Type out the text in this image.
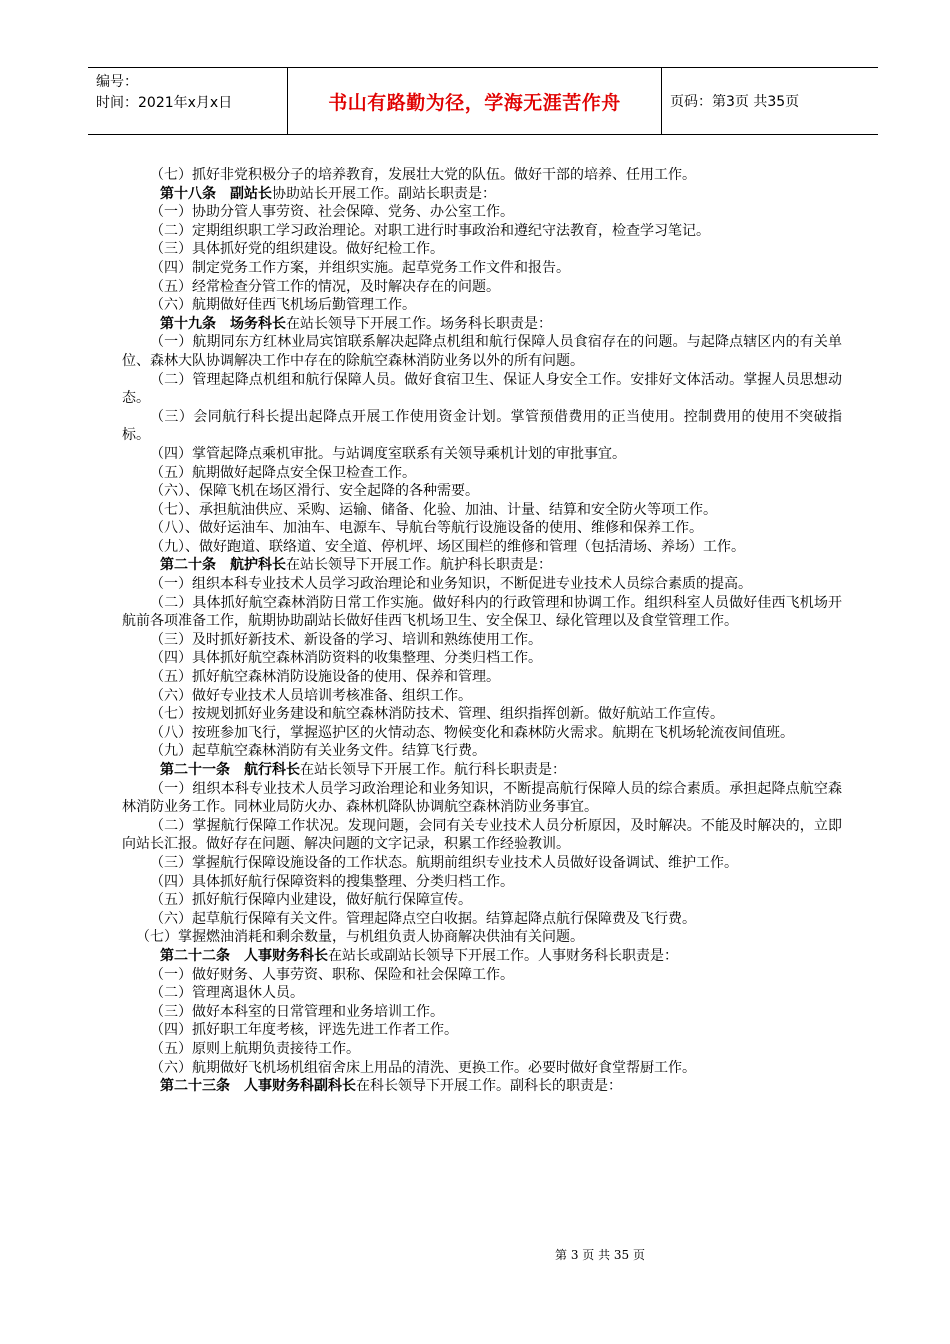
编号：
时间：2021年x月x日	书山有路勤为径，学海无涯苦作舟	页码：第3页 共35页
（七）抓好非党积极分子的培养教育，发展壮大党的队伍。做好干部的培养、任用工作。
第十八条　副站长协助站长开展工作。副站长职责是：
（一）协助分管人事劳资、社会保障、党务、办公室工作。
（二）定期组织职工学习政治理论。对职工进行时事政治和遵纪守法教育，检查学习笔记。
（三）具体抓好党的组织建设。做好纪检工作。
（四）制定党务工作方案，并组织实施。起草党务工作文件和报告。
（五）经常检查分管工作的情况，及时解决存在的问题。
（六）航期做好佳西飞机场后勤管理工作。
第十九条　场务科长在站长领导下开展工作。场务科长职责是：
（一）航期同东方红林业局宾馆联系解决起降点机组和航行保障人员食宿存在的问题。与起降点辖区内的有关单位、森林大队协调解决工作中存在的除航空森林消防业务以外的所有问题。
（二）管理起降点机组和航行保障人员。做好食宿卫生、保证人身安全工作。安排好文体活动。掌握人员思想动态。
（三）会同航行科长提出起降点开展工作使用资金计划。掌管预借费用的正当使用。控制费用的使用不突破指标。
（四）掌管起降点乘机审批。与站调度室联系有关领导乘机计划的审批事宜。
（五）航期做好起降点安全保卫检查工作。
（六）、保障飞机在场区滑行、安全起降的各种需要。
（七）、承担航油供应、采购、运输、储备、化验、加油、计量、结算和安全防火等项工作。
（八）、做好运油车、加油车、电源车、导航台等航行设施设备的使用、维修和保养工作。
（九）、做好跑道、联络道、安全道、停机坪、场区围栏的维修和管理（包括清场、养场）工作。
第二十条　航护科长在站长领导下开展工作。航护科长职责是：
（一）组织本科专业技术人员学习政治理论和业务知识，不断促进专业技术人员综合素质的提高。
（二）具体抓好航空森林消防日常工作实施。做好科内的行政管理和协调工作。组织科室人员做好佳西飞机场开航前各项准备工作，航期协助副站长做好佳西飞机场卫生、安全保卫、绿化管理以及食堂管理工作。
（三）及时抓好新技术、新设备的学习、培训和熟练使用工作。
（四）具体抓好航空森林消防资料的收集整理、分类归档工作。
（五）抓好航空森林消防设施设备的使用、保养和管理。
（六）做好专业技术人员培训考核准备、组织工作。
（七）按规划抓好业务建设和航空森林消防技术、管理、组织指挥创新。做好航站工作宣传。
（八）按班参加飞行，掌握巡护区的火情动态、物候变化和森林防火需求。航期在飞机场轮流夜间值班。
（九）起草航空森林消防有关业务文件。结算飞行费。
第二十一条　航行科长在站长领导下开展工作。航行科长职责是：
（一）组织本科专业技术人员学习政治理论和业务知识，不断提高航行保障人员的综合素质。承担起降点航空森林消防业务工作。同林业局防火办、森林机降队协调航空森林消防业务事宜。
（二）掌握航行保障工作状况。发现问题，会同有关专业技术人员分析原因，及时解决。不能及时解决的，立即向站长汇报。做好存在问题、解决问题的文字记录，积累工作经验教训。
（三）掌握航行保障设施设备的工作状态。航期前组织专业技术人员做好设备调试、维护工作。
（四）具体抓好航行保障资料的搜集整理、分类归档工作。
（五）抓好航行保障内业建设，做好航行保障宣传。
（六）起草航行保障有关文件。管理起降点空白收据。结算起降点航行保障费及飞行费。
（七）掌握燃油消耗和剩余数量，与机组负责人协商解决供油有关问题。
第二十二条　人事财务科长在站长或副站长领导下开展工作。人事财务科长职责是：
（一）做好财务、人事劳资、职称、保险和社会保障工作。
（二）管理离退休人员。
（三）做好本科室的日常管理和业务培训工作。
（四）抓好职工年度考核，评选先进工作者工作。
（五）原则上航期负责接待工作。
（六）航期做好飞机场机组宿舍床上用品的清洗、更换工作。必要时做好食堂帮厨工作。
第二十三条　人事财务科副科长在科长领导下开展工作。副科长的职责是：
第 3 页 共 35 页
